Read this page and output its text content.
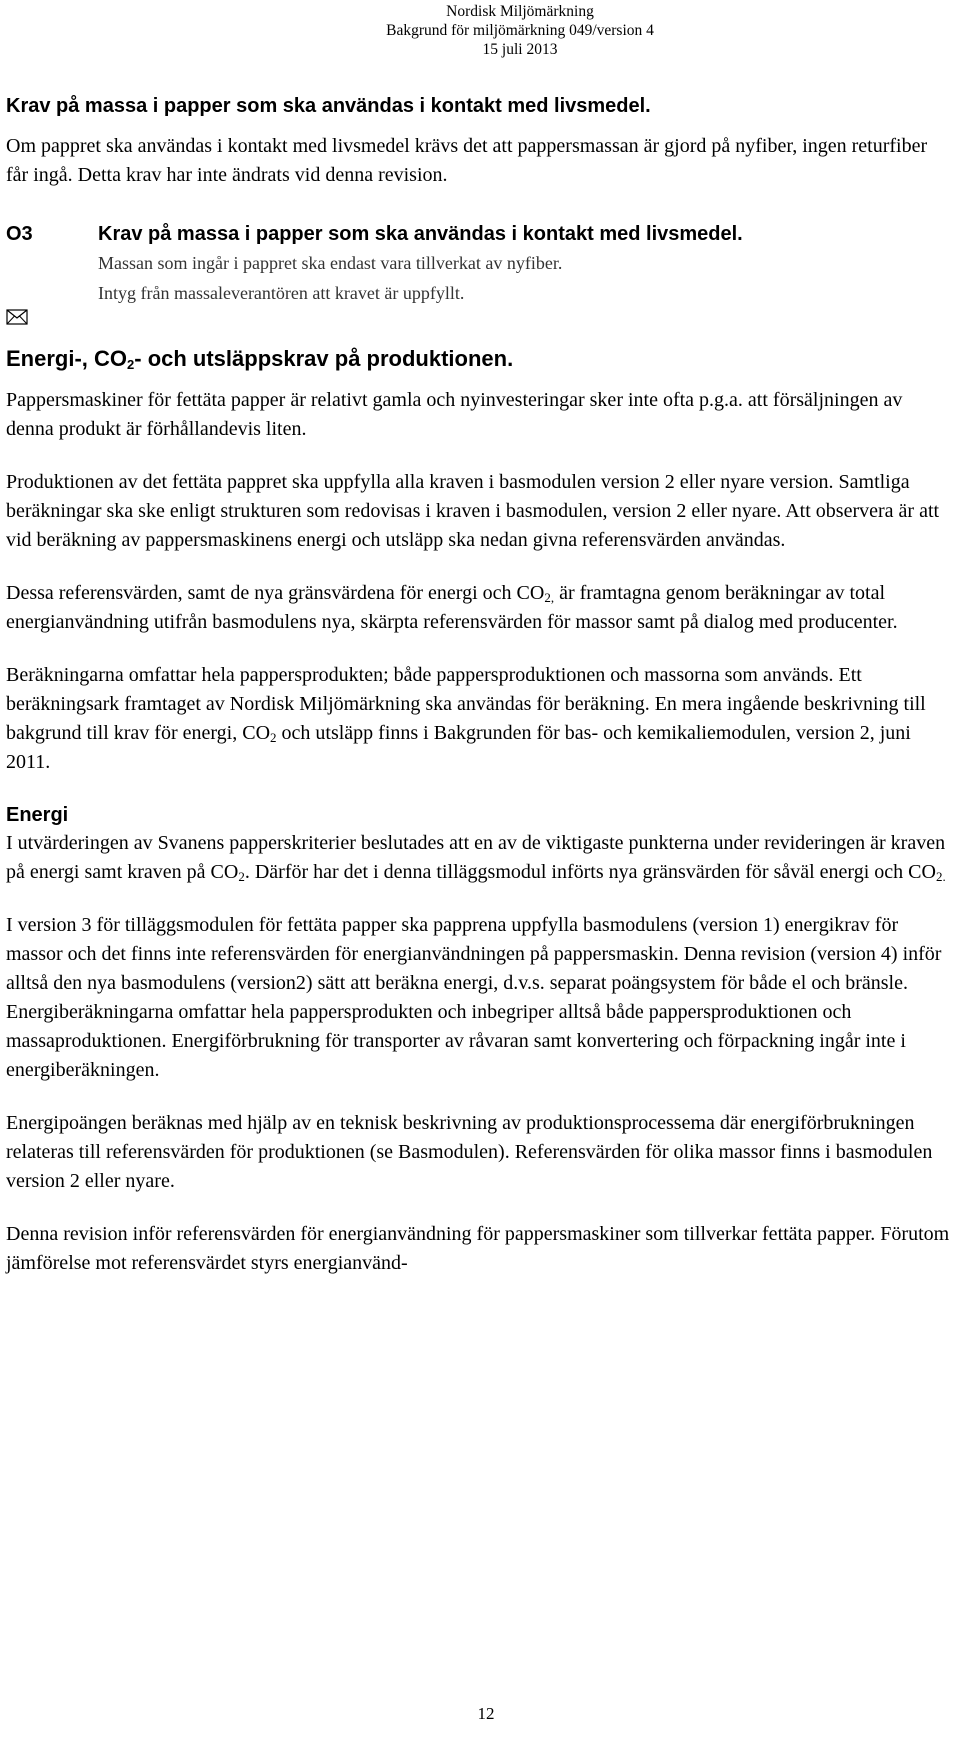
Nordisk Miljömärkning
Bakgrund för miljömärkning 049/version 4
15 juli 2013
Krav på massa i papper som ska användas i kontakt med livsmedel.

Om pappret ska användas i kontakt med livsmedel krävs det att pappersmassan är gjord på nyfiber, ingen returfiber får ingå. Detta krav har inte ändrats vid denna revision.

O3	Krav på massa i papper som ska användas i kontakt med livsmedel.
Massan som ingår i pappret ska endast vara tillverkat av nyfiber.
Intyg från massaleverantören att kravet är uppfyllt.
Energi-, $CO_2-$ och utsläppskrav på produktionen.

Pappersmaskiner för fettäta papper är relativt gamla och nyinvesteringar sker inte ofta p.g.a. att försäljningen av denna produkt är förhållandevis liten.

Produktionen av det fettäta pappret ska uppfylla alla kraven i basmodulen version 2 eller nyare version. Samtliga beräkningar ska ske enligt strukturen som redovisas i kraven i basmodulen, version 2 eller nyare. Att observera är att vid beräkning av pappersmaskinens energi och utsläpp ska nedan givna referensvärden användas.

Dessa referensvärden, samt de nya gränsvärdena för energi och $CO_{2,}$ är framtagna genom beräkningar av total energianvändning utifrån basmodulens nya, skärpta referensvärden för massor samt på dialog med producenter.

Beräkningarna omfattar hela pappersprodukten; både pappersproduktionen och massorna som används. Ett beräkningsark framtaget av Nordisk Miljömärkning ska användas för beräkning. En mera ingående beskrivning till bakgrund till krav för energi, $CO_2$ och utsläpp finns i Bakgrunden för bas- och kemikaliemodulen, version 2, juni 2011.

Energi

I utvärderingen av Svanens papperskriterier beslutades att en av de viktigaste punkterna under revideringen är kraven på energi samt kraven på $CO_2$. Därför har det i denna tilläggsmodul införts nya gränsvärden för såväl energi och $CO_{2.}$

I version 3 för tilläggsmodulen för fettäta papper ska papprena uppfylla basmodulens (version 1) energikrav för massor och det finns inte referensvärden för energianvändningen på pappersmaskin. Denna revision (version 4) inför alltså den nya basmodulens (version2) sätt att beräkna energi, d.v.s. separat poängsystem för både el och bränsle. Energiberäkningarna omfattar hela pappersprodukten och inbegriper alltså både pappersproduktionen och massaproduktionen. Energiförbrukning för transporter av råvaran samt konvertering och förpackning ingår inte i energiberäkningen.

Energipoängen beräknas med hjälp av en teknisk beskrivning av produktionsprocessema där energiförbrukningen relateras till referensvärden för produktionen (se Basmodulen). Referensvärden för olika massor finns i basmodulen version 2 eller nyare.

Denna revision inför referensvärden för energianvändning för pappersmaskiner som tillverkar fettäta papper. Förutom jämförelse mot referensvärdet styrs energianvänd-

12
